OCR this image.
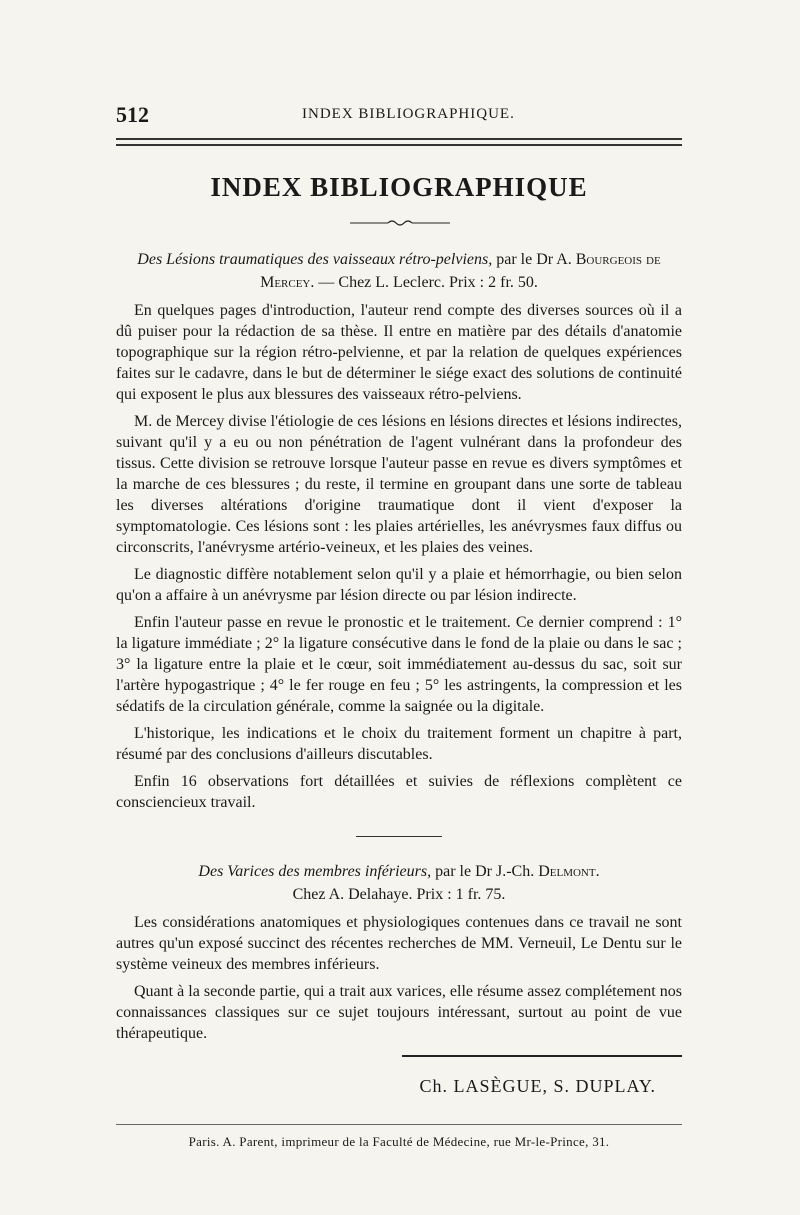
512	INDEX BIBLIOGRAPHIQUE.
INDEX BIBLIOGRAPHIQUE
Des Lésions traumatiques des vaisseaux rétro-pelviens, par le Dr A. Bourgeois de Mercey. — Chez L. Leclerc. Prix : 2 fr. 50.

En quelques pages d'introduction, l'auteur rend compte des diverses sources où il a dû puiser pour la rédaction de sa thèse. Il entre en matière par des détails d'anatomie topographique sur la région rétro-pelvienne, et par la relation de quelques expériences faites sur le cadavre, dans le but de déterminer le siége exact des solutions de continuité qui exposent le plus aux blessures des vaisseaux rétro-pelviens.

M. de Mercey divise l'étiologie de ces lésions en lésions directes et lésions indirectes, suivant qu'il y a eu ou non pénétration de l'agent vulnérant dans la profondeur des tissus. Cette division se retrouve lorsque l'auteur passe en revue es divers symptômes et la marche de ces blessures ; du reste, il termine en groupant dans une sorte de tableau les diverses altérations d'origine traumatique dont il vient d'exposer la symptomatologie. Ces lésions sont : les plaies artérielles, les anévrysmes faux diffus ou circonscrits, l'anévrysme artério-veineux, et les plaies des veines.

Le diagnostic diffère notablement selon qu'il y a plaie et hémorrhagie, ou bien selon qu'on a affaire à un anévrysme par lésion directe ou par lésion indirecte.

Enfin l'auteur passe en revue le pronostic et le traitement. Ce dernier comprend : 1° la ligature immédiate ; 2° la ligature consécutive dans le fond de la plaie ou dans le sac ; 3° la ligature entre la plaie et le cœur, soit immédiatement au-dessus du sac, soit sur l'artère hypogastrique ; 4° le fer rouge en feu ; 5° les astringents, la compression et les sédatifs de la circulation générale, comme la saignée ou la digitale.

L'historique, les indications et le choix du traitement forment un chapitre à part, résumé par des conclusions d'ailleurs discutables.

Enfin 16 observations fort détaillées et suivies de réflexions complètent ce consciencieux travail.

Des Varices des membres inférieurs, par le Dr J.-Ch. Delmont.
Chez A. Delahaye. Prix : 1 fr. 75.

Les considérations anatomiques et physiologiques contenues dans ce travail ne sont autres qu'un exposé succinct des récentes recherches de MM. Verneuil, Le Dentu sur le système veineux des membres inférieurs.

Quant à la seconde partie, qui a trait aux varices, elle résume assez complétement nos connaissances classiques sur ce sujet toujours intéressant, surtout au point de vue thérapeutique.

Ch. LASÈGUE, S. DUPLAY.
Paris. A. Parent, imprimeur de la Faculté de Médecine, rue Mr-le-Prince, 31.
